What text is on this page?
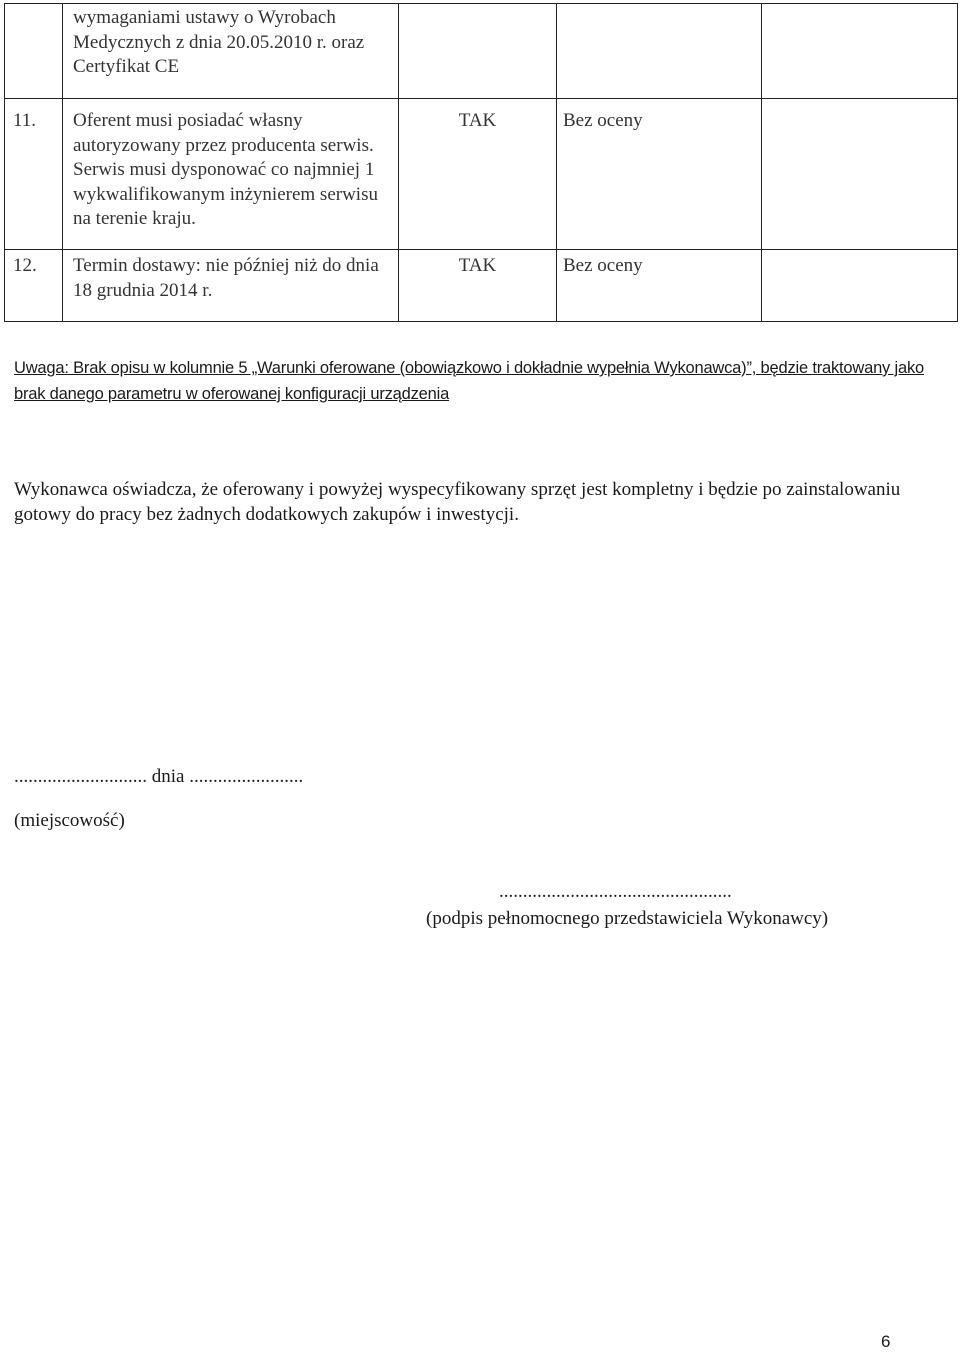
	wymaganiami ustawy o Wyrobach Medycznych z dnia 20.05.2010 r. oraz Certyfikat CE			

11.	Oferent musi posiadać własny autoryzowany przez producenta serwis. Serwis musi dysponować co najmniej 1 wykwalifikowanym inżynierem serwisu na terenie kraju.	TAK	Bez oceny	

12.	Termin dostawy: nie później niż do dnia 18 grudnia 2014 r.	TAK	Bez oceny	
Uwaga: Brak opisu w kolumnie 5 „Warunki oferowane (obowiązkowo i dokładnie wypełnia Wykonawca)”, będzie traktowany jako brak danego parametru w oferowanej konfiguracji urządzenia
Wykonawca oświadcza, że oferowany i powyżej wyspecyfikowany sprzęt jest kompletny i będzie po zainstalowaniu gotowy do pracy bez żadnych dodatkowych zakupów i inwestycji.
............................ dnia ........................
(miejscowość)
.................................................
(podpis pełnomocnego przedstawiciela Wykonawcy)
6
